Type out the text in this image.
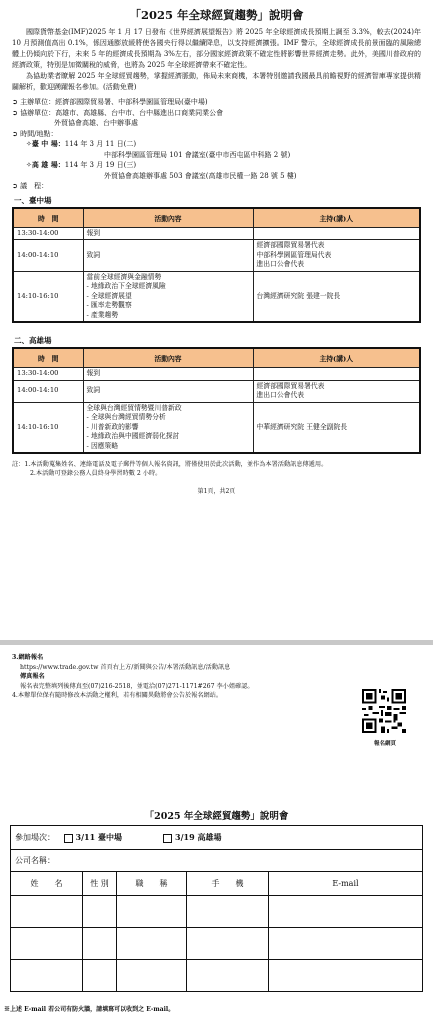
「2025 年全球經貿趨勢」說明會

國際貨幣基金(IMF)2025 年 1 月 17 日發布《世界經濟展望報告》將 2025 年全球經濟成長預期上調至 3.3%，較去(2024)年 10 月預測值高出 0.1%，係因通膨放緩將使各國央行得以繼續降息，以支持經濟擴張。IMF 警示，全球經濟成長前景面臨的風險總體上仍傾向於下行，未來 5 年的經濟成長預期為 3%左右，部分國家經濟政策不確定性將影響世界經濟走勢。此外，美國川普政府的經濟政策，特別是加徵關稅的威脅，也將為 2025 年全球經濟帶來不確定性。

為協助業者瞭解 2025 年全球經貿趨勢，掌握經濟脈動，佈局未來商機，本署特別邀請我國最具前瞻視野的經濟智庫專家提供精闢解析，歡迎踴躍報名參加。(活動免費)

➲ 主辦單位：經濟部國際貿易署、中部科學園區管理局(臺中場)
➲ 協辦單位：高雄市、高雄縣、台中市、台中縣進出口商業同業公會
外貿協會高雄、台中辦事處
➲ 時間/地點：
✧臺 中 場：114 年 3 月 11 日(二)
中部科學園區管理局 101 會議室(臺中市西屯區中科路 2 號)
✧高 雄 場：114 年 3 月 19 日(三)
外貿協會高雄辦事處 503 會議室(高雄市民權一路 28 號 5 樓)
➲ 議　程：
一、臺中場
時　間	活動內容	主持(講)人
13:30-14:00	報到	

14:00-14:10	致詞	經濟部國際貿易署代表
中部科學園區管理局代表
進出口公會代表

14:10-16:10	當前全球經濟與金融情勢
- 地緣政治下全球經濟風險
- 全球經濟展望
- 匯率走勢觀察
- 產業趨勢	台灣經濟研究院 張建一院長
二、高雄場
時　間	活動內容	主持(講)人
13:30-14:00	報到	

14:00-14:10	致詞	經濟部國際貿易署代表
進出口公會代表

14:10-16:10	全球與台灣經貿情勢暨川普新政
- 全球與台灣經貿情勢分析
- 川普新政的影響
- 地緣政治與中國經濟弱化探討
- 因應策略	中華經濟研究院 王健全副院長
註：1.本活動蒐集姓名、連絡電話及電子郵件等個人報名資訊，將僅使用於此次活動，並作為本署活動訊息傳遞用。
2.本活動可登錄公務人員終身學習時數 2 小時。
第1頁，共2頁
3.網路報名
https://www.trade.gov.tw 首頁右上方/新聞與公告/本署活動訊息/活動訊息
傳真報名
報名表完整填列後傳真至(07)216-2518，並電洽(07)271-1171#267 李小姐確認。
4.本辦單位保有隨時修改本活動之權利，若有相關異動將會公告於報名網站。
報名網頁
「2025 年全球經貿趨勢」說明會
參加場次： 3/11 臺中場 3/19 高雄場				
公司名稱：				
姓　　名	性 別	職　　稱	手　　機	E-mail

※上述 E-mail 若公司有防火牆，請填寫可以收到之 E-mail。
